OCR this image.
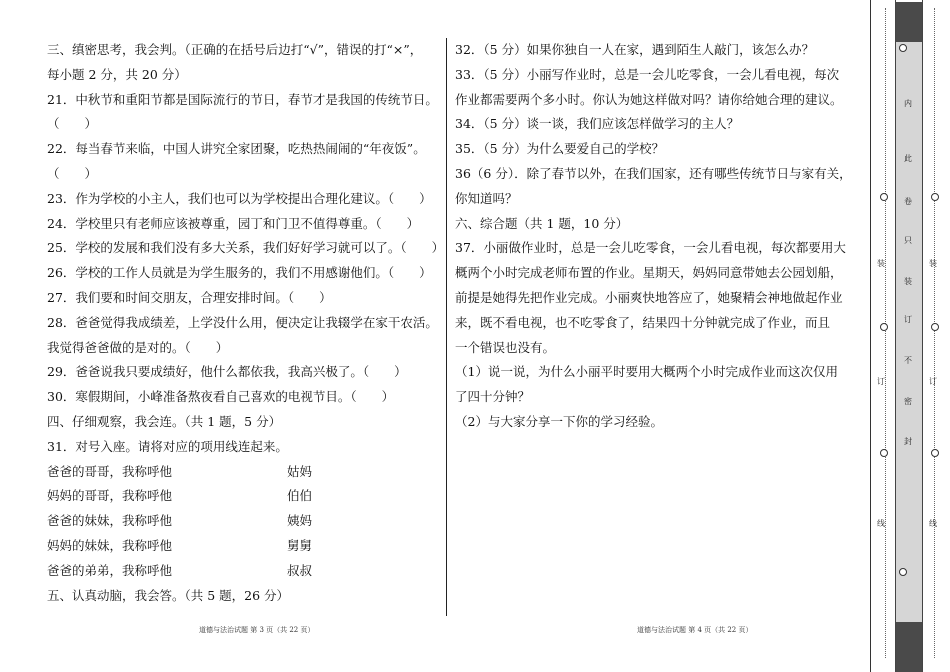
三、缜密思考，我会判。（正确的在括号后边打“√”，错误的打“×”，

每小题 2 分，共 20 分）

21．中秋节和重阳节都是国际流行的节日，春节才是我国的传统节日。

（　　）

22．每当春节来临，中国人讲究全家团聚，吃热热闹闹的“年夜饭”。

（　　）

23．作为学校的小主人，我们也可以为学校提出合理化建议。（　　）

24．学校里只有老师应该被尊重，园丁和门卫不值得尊重。（　　）

25．学校的发展和我们没有多大关系，我们好好学习就可以了。（　　）

26．学校的工作人员就是为学生服务的，我们不用感谢他们。（　　）

27．我们要和时间交朋友，合理安排时间。（　　）

28．爸爸觉得我成绩差，上学没什么用，便决定让我辍学在家干农活。

我觉得爸爸做的是对的。（　　）

29．爸爸说我只要成绩好，他什么都依我，我高兴极了。（　　）

30．寒假期间，小峰准备熬夜看自己喜欢的电视节目。（　　）

四、仔细观察，我会连。（共 1 题，5 分）

31．对号入座。请将对应的项用线连起来。

爸爸的哥哥，我称呼他	姑妈
妈妈的哥哥，我称呼他	伯伯
爸爸的妹妹，我称呼他	姨妈
妈妈的妹妹，我称呼他	舅舅
爸爸的弟弟，我称呼他	叔叔

五、认真动脑，我会答。（共 5 题，26 分）

32．（5 分）如果你独自一人在家，遇到陌生人敲门，该怎么办？

33．（5 分）小丽写作业时，总是一会儿吃零食，一会儿看电视，每次

作业都需要两个多小时。你认为她这样做对吗？请你给她合理的建议。

34．（5 分）谈一谈，我们应该怎样做学习的主人？

35．（5 分）为什么要爱自己的学校？

36（6 分）．除了春节以外，在我们国家，还有哪些传统节日与家有关，

你知道吗？

六、综合题（共 1 题，10 分）

37．小丽做作业时，总是一会儿吃零食，一会儿看电视，每次都要用大

概两个小时完成老师布置的作业。星期天，妈妈同意带她去公园划船，

前提是她得先把作业完成。小丽爽快地答应了，她聚精会神地做起作业

来，既不看电视，也不吃零食了，结果四十分钟就完成了作业，而且

一个错误也没有。

（1）说一说，为什么小丽平时要用大概两个小时完成作业而这次仅用

了四十分钟？

（2）与大家分享一下你的学习经验。

道德与法治试题 第 3 页（共 22 页）	道德与法治试题 第 4 页（共 22 页）
内
此
卷
只
装
订
不
密
封
装
订
线
装
订
线
